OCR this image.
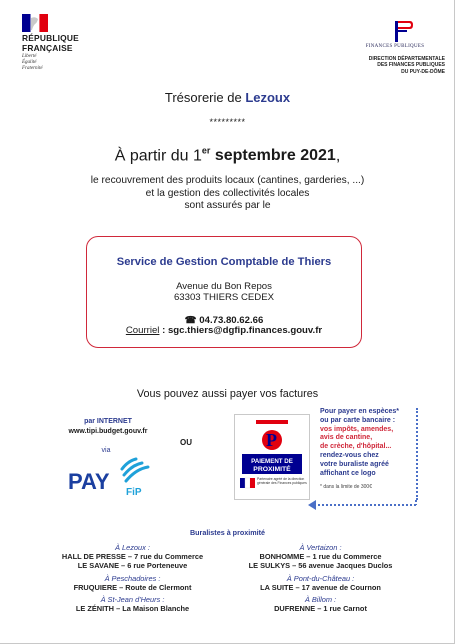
RÉPUBLIQUE
FRANÇAISE
Liberté
Égalité
Fraternité
FINANCES PUBLIQUES
DIRECTION DÉPARTEMENTALE
DES FINANCES PUBLIQUES
DU PUY-DE-DÔME
Trésorerie de Lezoux
*********
À partir du 1er septembre 2021,
le recouvrement des produits locaux (cantines, garderies, ...)
et la gestion des collectivités locales
sont assurés par le
Service de Gestion Comptable de Thiers
Avenue du Bon Repos
63303 THIERS CEDEX
☎ 04.73.80.62.66
Courriel : sgc.thiers@dgfip.finances.gouv.fr
Vous pouvez aussi payer vos factures
par INTERNET
www.tipi.budget.gouv.fr
via
PAY FiP
OU	P
PAIEMENT DE
PROXIMITÉ
Partenaire agréé de la direction générale des Finances publiques
Pour payer en espèces*
ou par carte bancaire :
vos impôts, amendes,
avis de cantine,
de crèche, d'hôpital...
rendez-vous chez
votre buraliste agréé
affichant ce logo
* dans la limite de 300€
Buralistes à proximité
À Lezoux :
HALL DE PRESSE – 7 rue du Commerce
LE SAVANE – 6 rue Porteneuve
À Peschadoires :
FRUQUIERE – Route de Clermont
À St-Jean d'Heurs :
LE ZÉNITH – La Maison Blanche
À Vertaizon :
BONHOMME – 1 rue du Commerce
LE SULKYS – 56 avenue Jacques Duclos
À Pont-du-Château :
LA SUITE – 17 avenue de Cournon
À Billom :
DUFRENNE – 1 rue Carnot
